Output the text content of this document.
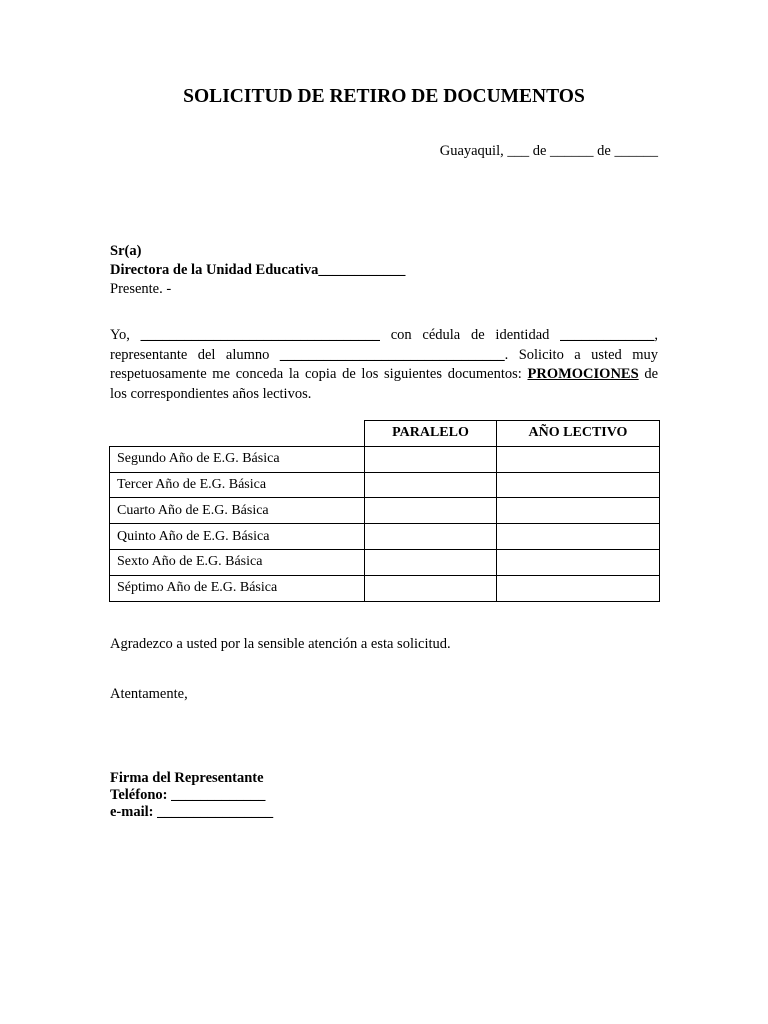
SOLICITUD DE RETIRO DE DOCUMENTOS
Guayaquil, ___ de ______ de ______
Sr(a)
Directora de la Unidad Educativa____________
Presente. -

Yo, _________________________________ con cédula de identidad _____________, representante del alumno _______________________________. Solicito a usted muy respetuosamente me conceda la copia de los siguientes documentos: PROMOCIONES de los correspondientes años lectivos.

	PARALELO	AÑO LECTIVO
Segundo Año de E.G. Básica		
Tercer Año de E.G. Básica		
Cuarto Año de E.G. Básica		
Quinto Año de E.G. Básica		
Sexto Año de E.G. Básica		
Séptimo Año de E.G. Básica		
Agradezco a usted por la sensible atención a esta solicitud.
Atentamente,
Firma del Representante
Teléfono: _____________
e-mail: ________________
